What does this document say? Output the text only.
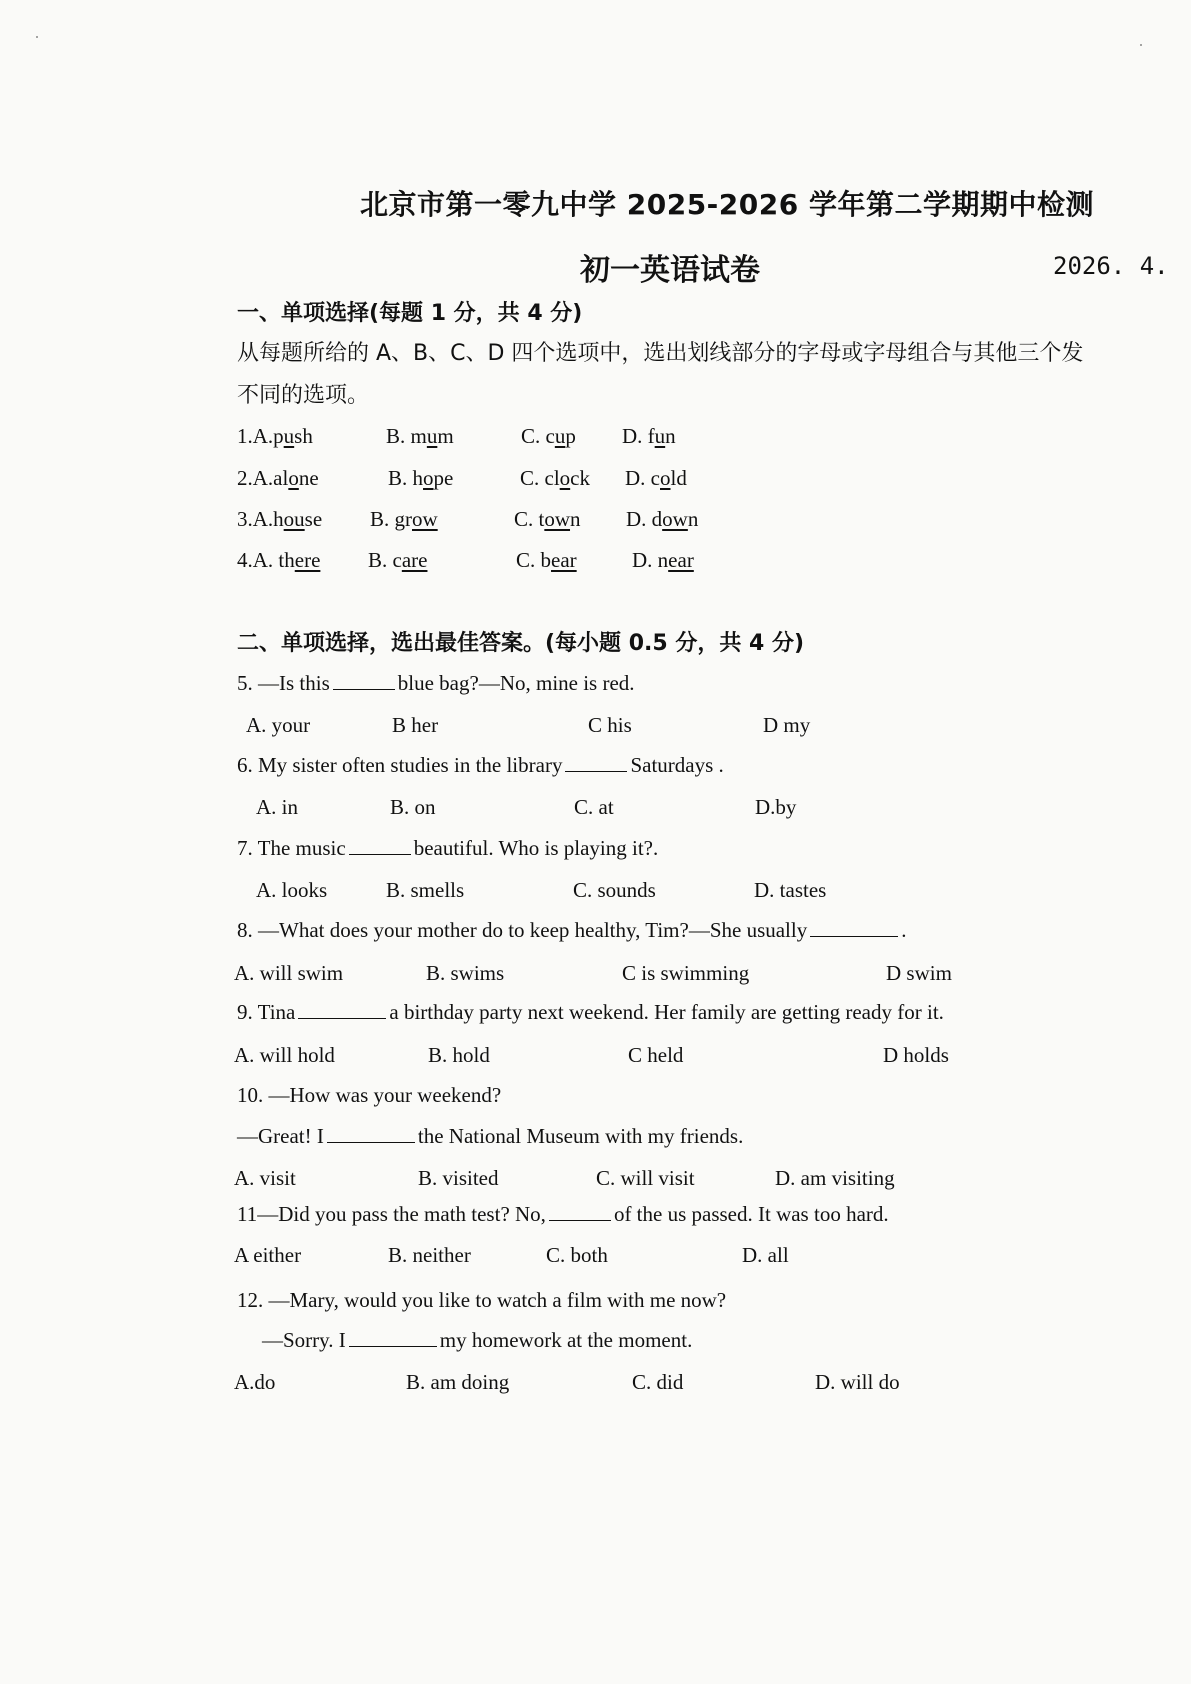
北京市第一零九中学 2025-2026 学年第二学期期中检测
初一英语试卷	2026. 4.
一、单项选择(每题 1 分，共 4 分)
从每题所给的 A、B、C、D 四个选项中，选出划线部分的字母或字母组合与其他三个发
不同的选项。
1.A.push	B. mum	C. cup D. fun
2.A.alone	B. hope	C. clock D. cold
3.A.house B. grow	C. town D. down
4.A. there B. care	C. bear	D. near
二、单项选择，选出最佳答案。(每小题 0.5 分，共 4 分)
5. —Is this	blue bag?—No, mine is red.
A. your	B her	C his	D my
6. My sister often studies in the library	Saturdays .
A. in	B. on	C. at	D.by
7. The music	beautiful. Who is playing it?.
A. looks	B. smells	C. sounds	D. tastes
8. —What does your mother do to keep healthy, Tim?—She usually	.
A. will swim	B. swims	C is swimming	D swim
9. Tina	a birthday party next weekend. Her family are getting ready for it.
A. will hold	B. hold	C held	D holds
10. —How was your weekend?
—Great! I	the National Museum with my friends.
A. visit	B. visited	C. will visit	D. am visiting
11—Did you pass the math test? No,	of the us passed. It was too hard.
A either	B. neither	C. both	D. all
12. —Mary, would you like to watch a film with me now?
—Sorry. I	my homework at the moment.
A.do	B. am doing	C. did	D. will do
